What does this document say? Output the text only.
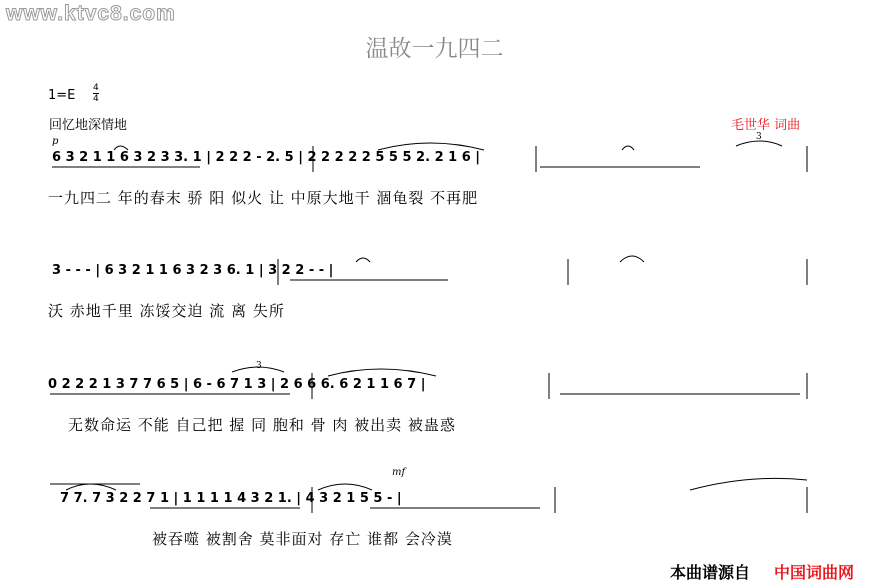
www.ktvc8.com
温故一九四二
1=E 4
4
回忆地深情地	毛世华 词曲
p	3
3
mf
6 3 2 1 1 6 3 2 3 3. 1 | 2 2 2 - 2. 5 | 2 2 2 2 2 5 5 5 2. 2 1 6 |
一九四二 年的春末 骄 阳 似火 让 中原大地干 涸龟裂 不再肥
3 - - - | 6 3 2 1 1 6 3 2 3 6. 1 | 3 2 2 - - |
沃 赤地千里 冻馁交迫 流 离 失所
0 2 2 2 1 3 7 7 6 5 | 6 - 6 7 1 3 | 2 6 6 6. 6 2 1 1 6 7 |
无数命运 不能 自己把 握 同 胞和 骨 肉 被出卖 被蛊惑
7 7. 7 3 2 2 7 1 | 1 1 1 1 4 3 2 1. | 4 3 2 1 5 5 - |
被吞噬 被割舍 莫非面对 存亡 谁都 会冷漠
本曲谱源自 中国词曲网
